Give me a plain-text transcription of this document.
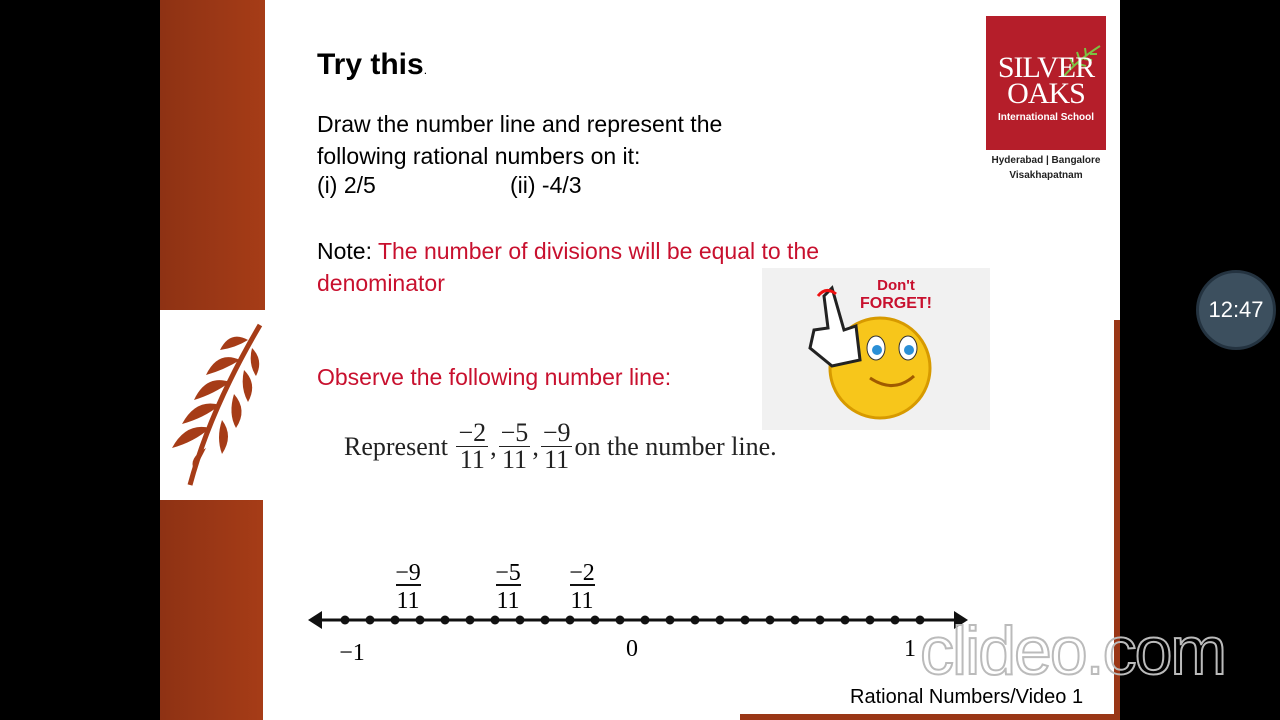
Try this.
Draw the number line and represent the
following rational numbers on it:
(i) 2/5	(ii) -4/3
Note: The number of divisions will be equal to the denominator
Observe the following number line:
Represent
$\frac{-2}{11}$ , $\frac{-5}{11}$ , $\frac{-9}{11}$ on the number line.
−1	0	1
−9
11
−5
11
−2
11
SILVER
OAKS
International School
Hyderabad | Bangalore
Visakhapatnam
Don't
FORGET!
Rational Numbers/Video 1
clideo.com
12:47
